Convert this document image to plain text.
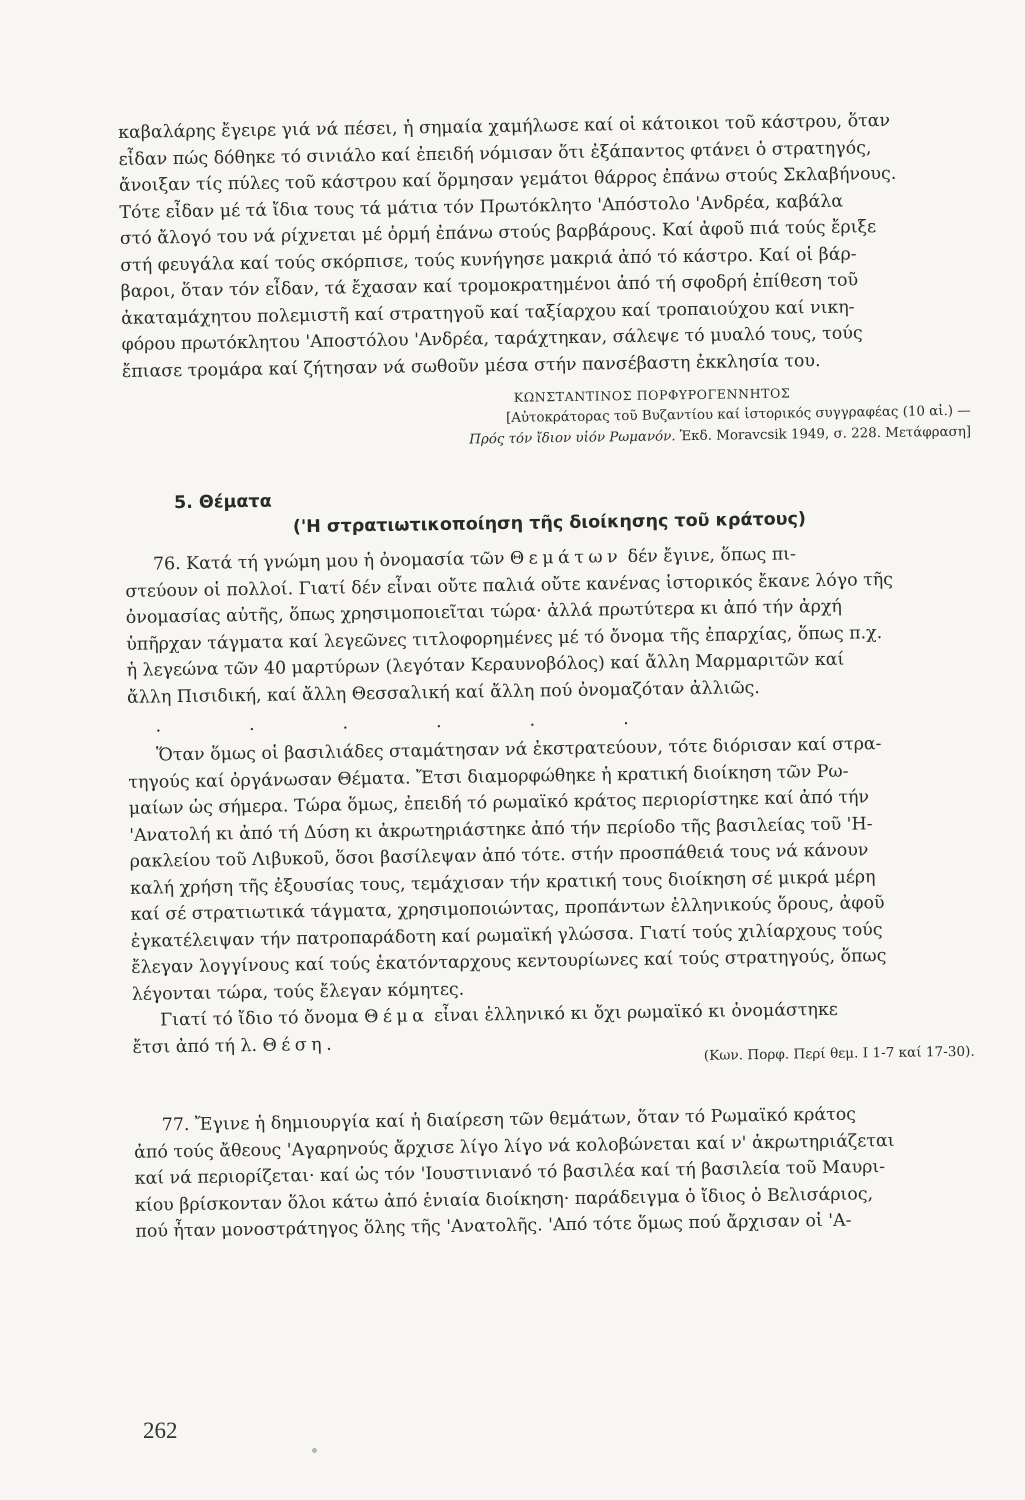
καβαλάρης ἔγειρε γιά νά πέσει, ἡ σημαία χαμήλωσε καί οἱ κάτοικοι τοῦ κάστρου, ὅταν
εἶδαν πώς δόθηκε τό σινιάλο καί ἐπειδή νόμισαν ὅτι ἐξάπαντος φτάνει ὁ στρατηγός,
ἄνοιξαν τίς πύλες τοῦ κάστρου καί ὅρμησαν γεμάτοι θάρρος ἐπάνω στούς Σκλαβήνους.
Τότε εἶδαν μέ τά ἴδια τους τά μάτια τόν Πρωτόκλητο 'Απόστολο 'Ανδρέα, καβάλα
στό ἄλογό του νά ρίχνεται μέ ὁρμή ἐπάνω στούς βαρβάρους. Καί ἀφοῦ πιά τούς ἔριξε
στή φευγάλα καί τούς σκόρπισε, τούς κυνήγησε μακριά ἀπό τό κάστρο. Καί οἱ βάρ-
βαροι, ὅταν τόν εἶδαν, τά ἔχασαν καί τρομοκρατημένοι ἀπό τή σφοδρή ἐπίθεση τοῦ
ἀκαταμάχητου πολεμιστῆ καί στρατηγοῦ καί ταξίαρχου καί τροπαιούχου καί νικη-
φόρου πρωτόκλητου 'Αποστόλου 'Ανδρέα, ταράχτηκαν, σάλεψε τό μυαλό τους, τούς
ἔπιασε τρομάρα καί ζήτησαν νά σωθοῦν μέσα στήν πανσέβαστη ἐκκλησία του.
ΚΩΝΣΤΑΝΤΙΝΟΣ ΠΟΡΦΥΡΟΓΕΝΝΗΤΟΣ
[Αὐτοκράτορας τοῦ Βυζαντίου καί ἱστορικός συγγραφέας (10 αἰ.) —
Πρός τόν ἴδιον υἱόν Ρωμανόν. Ἐκδ. Moravcsik 1949, σ. 228. Μετάφραση]
5. Θέματα
('Η στρατιωτικοποίηση τῆς διοίκησης τοῦ κράτους)
76. Κατά τή γνώμη μου ἡ ὀνομασία τῶν Θεμάτων δέν ἔγινε, ὅπως πι-
στεύουν οἱ πολλοί. Γιατί δέν εἶναι οὔτε παλιά οὔτε κανένας ἱστορικός ἔκανε λόγο τῆς
ὀνομασίας αὐτῆς, ὅπως χρησιμοποιεῖται τώρα· ἀλλά πρωτύτερα κι ἀπό τήν ἀρχή
ὑπῆρχαν τάγματα καί λεγεῶνες τιτλοφορημένες μέ τό ὄνομα τῆς ἐπαρχίας, ὅπως π.χ.
ἡ λεγεώνα τῶν 40 μαρτύρων (λεγόταν Κεραυνοβόλος) καί ἄλλη Μαρμαριτῶν καί
ἄλλη Πισιδική, καί ἄλλη Θεσσαλική καί ἄλλη πού ὀνομαζόταν ἀλλιῶς.
......
Ὅταν ὅμως οἱ βασιλιάδες σταμάτησαν νά ἐκστρατεύουν, τότε διόρισαν καί στρα-
τηγούς καί ὀργάνωσαν Θέματα. Ἔτσι διαμορφώθηκε ἡ κρατική διοίκηση τῶν Ρω-
μαίων ὡς σήμερα. Τώρα ὅμως, ἐπειδή τό ρωμαϊκό κράτος περιορίστηκε καί ἀπό τήν
'Ανατολή κι ἀπό τή Δύση κι ἀκρωτηριάστηκε ἀπό τήν περίοδο τῆς βασιλείας τοῦ 'Η-
ρακλείου τοῦ Λιβυκοῦ, ὅσοι βασίλεψαν ἀπό τότε. στήν προσπάθειά τους νά κάνουν
καλή χρήση τῆς ἐξουσίας τους, τεμάχισαν τήν κρατική τους διοίκηση σέ μικρά μέρη
καί σέ στρατιωτικά τάγματα, χρησιμοποιώντας, προπάντων ἑλληνικούς ὅρους, ἀφοῦ
ἐγκατέλειψαν τήν πατροπαράδοτη καί ρωμαϊκή γλώσσα. Γιατί τούς χιλίαρχους τούς
ἔλεγαν λογγίνους καί τούς ἑκατόνταρχους κεντουρίωνες καί τούς στρατηγούς, ὅπως
λέγονται τώρα, τούς ἔλεγαν κόμητες.
Γιατί τό ἴδιο τό ὄνομα Θέμα εἶναι ἑλληνικό κι ὄχι ρωμαϊκό κι ὀνομάστηκε
ἔτσι ἀπό τή λ. Θέση.	(Κων. Πορφ. Περί θεμ. Ι 1-7 καί 17-30).
77. Ἔγινε ἡ δημιουργία καί ἡ διαίρεση τῶν θεμάτων, ὅταν τό Ρωμαϊκό κράτος
ἀπό τούς ἄθεους 'Αγαρηνούς ἄρχισε λίγο λίγο νά κολοβώνεται καί ν' ἀκρωτηριάζεται
καί νά περιορίζεται· καί ὡς τόν 'Ιουστινιανό τό βασιλέα καί τή βασιλεία τοῦ Μαυρι-
κίου βρίσκονταν ὅλοι κάτω ἀπό ἑνιαία διοίκηση· παράδειγμα ὁ ἴδιος ὁ Βελισάριος,
πού ἦταν μονοστράτηγος ὅλης τῆς 'Ανατολῆς. 'Από τότε ὅμως πού ἄρχισαν οἱ 'Α-
262
